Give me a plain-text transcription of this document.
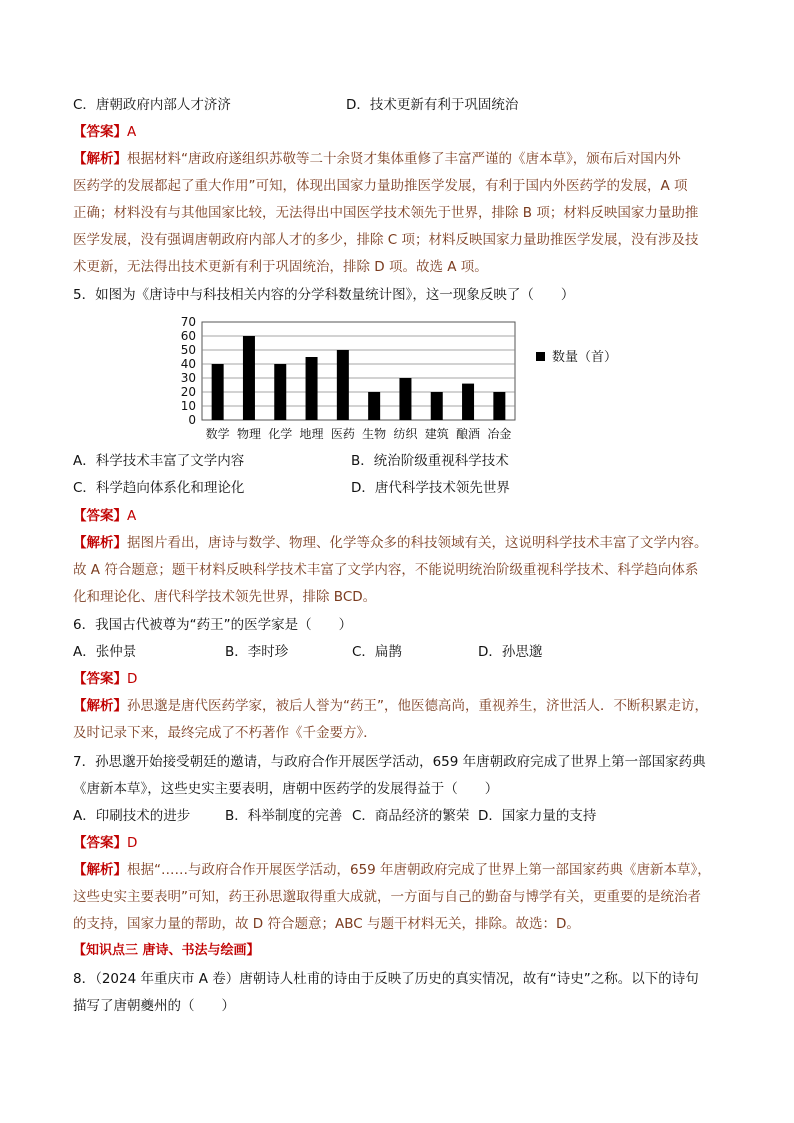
C．唐朝政府内部人才济济	D．技术更新有利于巩固统治
【答案】A
【解析】根据材料“唐政府遂组织苏敬等二十余贤才集体重修了丰富严谨的《唐本草》，颁布后对国内外
医药学的发展都起了重大作用”可知，体现出国家力量助推医学发展，有利于国内外医药学的发展，A 项
正确；材料没有与其他国家比较，无法得出中国医学技术领先于世界，排除 B 项；材料反映国家力量助推
医学发展，没有强调唐朝政府内部人才的多少，排除 C 项；材料反映国家力量助推医学发展，没有涉及技
术更新，无法得出技术更新有利于巩固统治，排除 D 项。故选 A 项。
5．如图为《唐诗中与科技相关内容的分学科数量统计图》，这一现象反映了（　　）
0
10
20
30
40
50
60
70
数学 物理 化学 地理 医药 生物 纺织 建筑 酿酒 冶金
数量（首）
A．科学技术丰富了文学内容	B．统治阶级重视科学技术
C．科学趋向体系化和理论化	D．唐代科学技术领先世界
【答案】A
【解析】据图片看出，唐诗与数学、物理、化学等众多的科技领域有关，这说明科学技术丰富了文学内容。
故 A 符合题意；题干材料反映科学技术丰富了文学内容，不能说明统治阶级重视科学技术、科学趋向体系
化和理论化、唐代科学技术领先世界，排除 BCD。
6．我国古代被尊为“药王”的医学家是（　　）
A．张仲景	B．李时珍	C．扁鹊	D．孙思邈
【答案】D
【解析】孙思邈是唐代医药学家，被后人誉为“药王”，他医德高尚，重视养生，济世活人．不断积累走访，
及时记录下来，最终完成了不朽著作《千金要方》．
7．孙思邈开始接受朝廷的邀请，与政府合作开展医学活动，659 年唐朝政府完成了世界上第一部国家药典
《唐新本草》，这些史实主要表明，唐朝中医药学的发展得益于（　　）
A．印刷技术的进步	B．科举制度的完善 C．商品经济的繁荣 D．国家力量的支持
【答案】D
【解析】根据“……与政府合作开展医学活动，659 年唐朝政府完成了世界上第一部国家药典《唐新本草》，
这些史实主要表明”可知，药王孙思邈取得重大成就，一方面与自己的勤奋与博学有关，更重要的是统治者
的支持，国家力量的帮助，故 D 符合题意；ABC 与题干材料无关，排除。故选：D。
【知识点三 唐诗、书法与绘画】
8．（2024 年重庆市 A 卷）唐朝诗人杜甫的诗由于反映了历史的真实情况，故有“诗史”之称。以下的诗句
描写了唐朝夔州的（　　）
